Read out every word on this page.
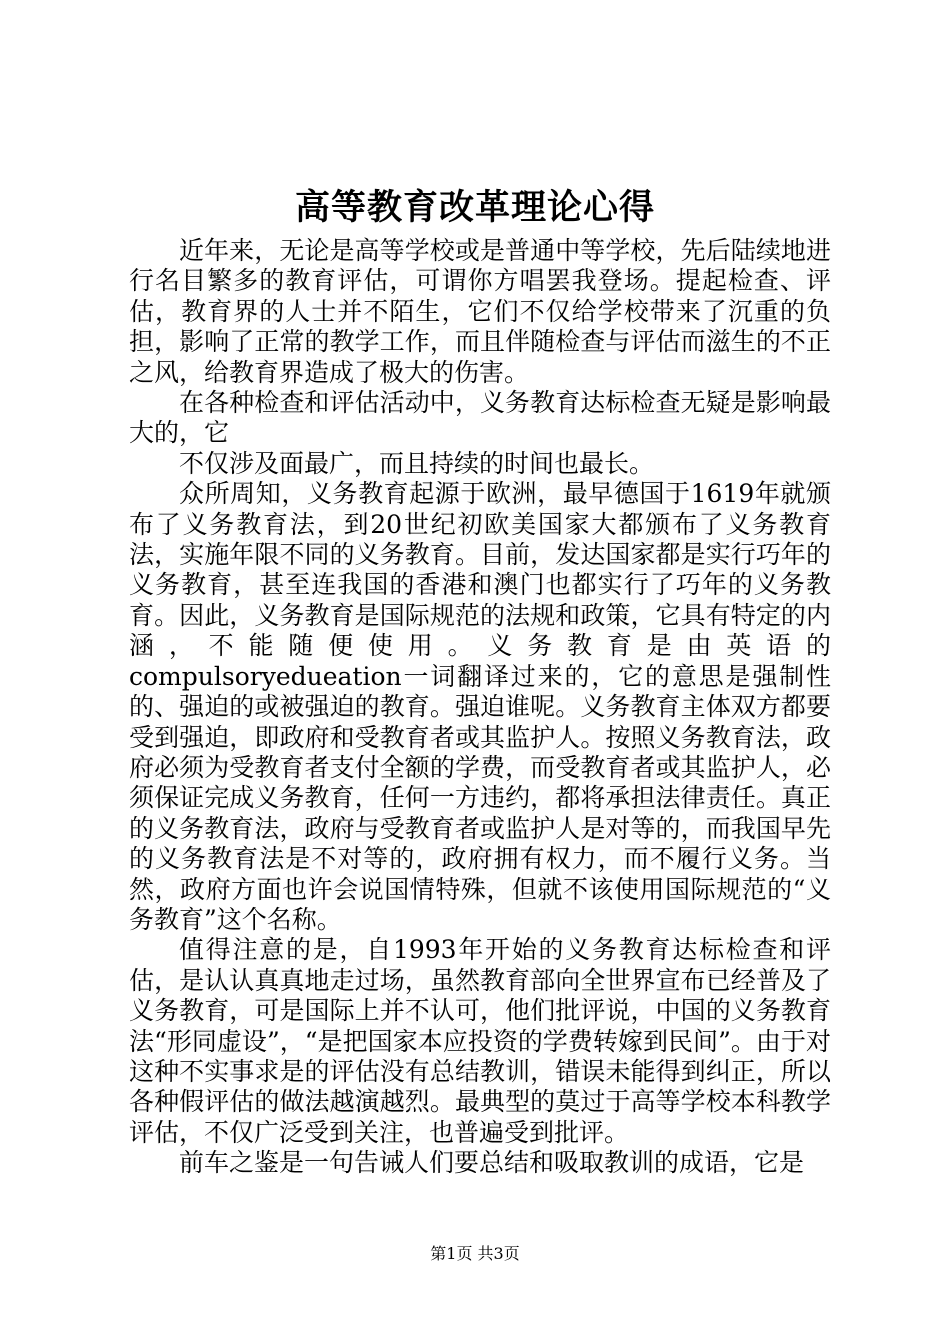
高等教育改革理论心得

近年来，无论是高等学校或是普通中等学校，先后陆续地进行名目繁多的教育评估，可谓你方唱罢我登场。提起检查、评估，教育界的人士并不陌生，它们不仅给学校带来了沉重的负担，影响了正常的教学工作，而且伴随检查与评估而滋生的不正之风，给教育界造成了极大的伤害。

在各种检查和评估活动中，义务教育达标检查无疑是影响最大的，它

不仅涉及面最广，而且持续的时间也最长。

众所周知，义务教育起源于欧洲，最早德国于1619年就颁布了义务教育法，到20世纪初欧美国家大都颁布了义务教育法，实施年限不同的义务教育。目前，发达国家都是实行巧年的义务教育，甚至连我国的香港和澳门也都实行了巧年的义务教育。因此，义务教育是国际规范的法规和政策，它具有特定的内涵，不能随便使用。义务教育是由英语的compulsoryedueation一词翻译过来的，它的意思是强制性的、强迫的或被强迫的教育。强迫谁呢。义务教育主体双方都要受到强迫，即政府和受教育者或其监护人。按照义务教育法，政府必须为受教育者支付全额的学费，而受教育者或其监护人，必须保证完成义务教育，任何一方违约，都将承担法律责任。真正的义务教育法，政府与受教育者或监护人是对等的，而我国早先的义务教育法是不对等的，政府拥有权力，而不履行义务。当然，政府方面也许会说国情特殊，但就不该使用国际规范的“义务教育”这个名称。

值得注意的是，自1993年开始的义务教育达标检查和评估，是认认真真地走过场，虽然教育部向全世界宣布已经普及了义务教育，可是国际上并不认可，他们批评说，中国的义务教育法“形同虚设”，“是把国家本应投资的学费转嫁到民间”。由于对这种不实事求是的评估没有总结教训，错误未能得到纠正，所以各种假评估的做法越演越烈。最典型的莫过于高等学校本科教学评估，不仅广泛受到关注，也普遍受到批评。

前车之鉴是一句告诫人们要总结和吸取教训的成语，它是

第1页 共3页
